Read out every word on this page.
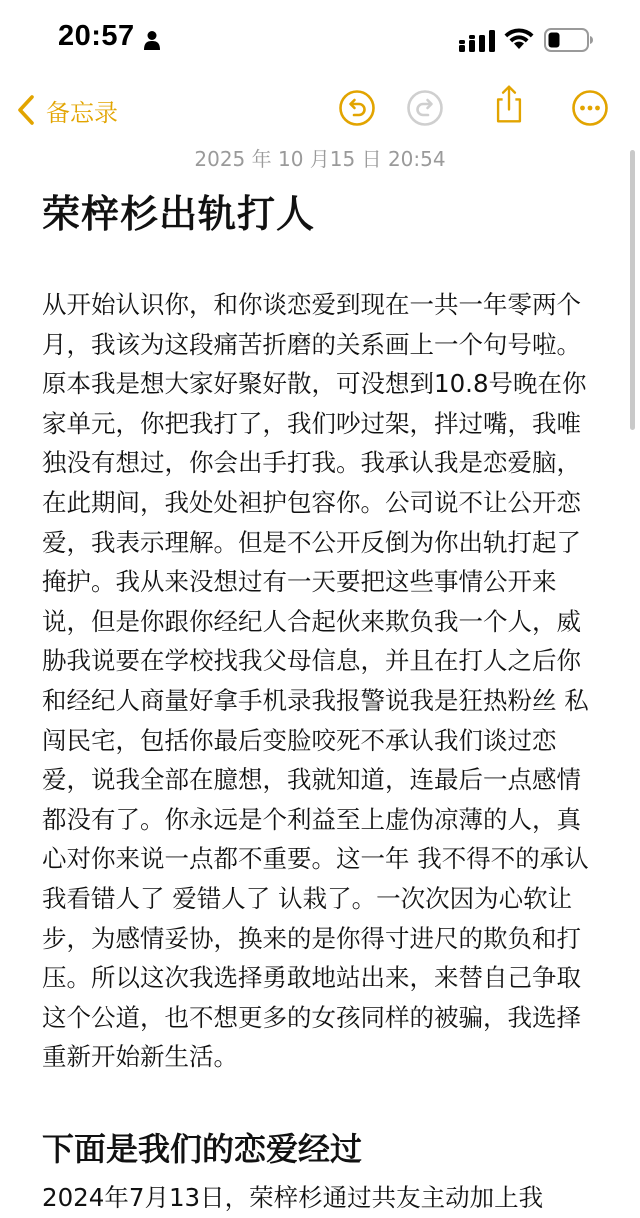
20:57
备忘录
2025 年 10 月15 日 20:54
荣梓杉出轨打人
从开始认识你，和你谈恋爱到现在一共一年零两个月，我该为这段痛苦折磨的关系画上一个句号啦。原本我是想大家好聚好散，可没想到10.8号晚在你家单元，你把我打了，我们吵过架，拌过嘴，我唯独没有想过，你会出手打我。我承认我是恋爱脑，在此期间，我处处袒护包容你。公司说不让公开恋爱，我表示理解。但是不公开反倒为你出轨打起了掩护。我从来没想过有一天要把这些事情公开来说，但是你跟你经纪人合起伙来欺负我一个人，威胁我说要在学校找我父母信息，并且在打人之后你和经纪人商量好拿手机录我报警说我是狂热粉丝 私闯民宅，包括你最后变脸咬死不承认我们谈过恋爱，说我全部在臆想，我就知道，连最后一点感情都没有了。你永远是个利益至上虚伪凉薄的人，真心对你来说一点都不重要。这一年 我不得不的承认我看错人了 爱错人了 认栽了。一次次因为心软让步，为感情妥协，换来的是你得寸进尺的欺负和打压。所以这次我选择勇敢地站出来，来替自己争取这个公道，也不想更多的女孩同样的被骗，我选择重新开始新生活。
下面是我们的恋爱经过
2024年7月13日，荣梓杉通过共友主动加上我
